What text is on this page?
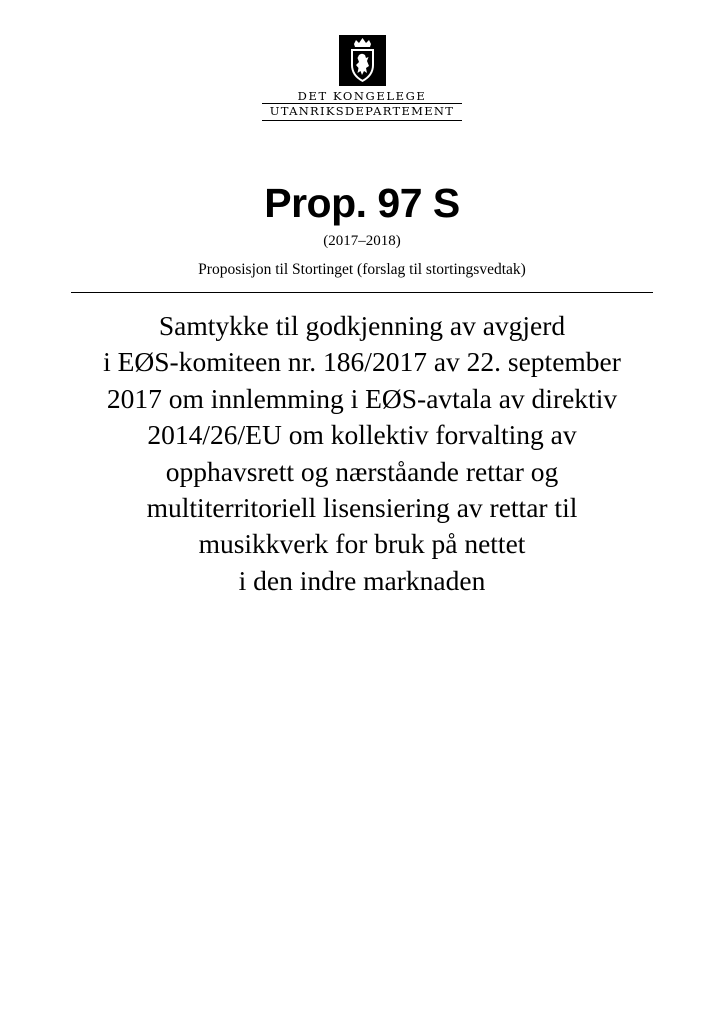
DET KONGELEGE
UTANRIKSDEPARTEMENT
Prop. 97 S
(2017–2018)
Proposisjon til Stortinget (forslag til stortingsvedtak)
Samtykke til godkjenning av avgjerd
i EØS-komiteen nr. 186/2017 av 22. september
2017 om innlemming i EØS-avtala av direktiv
2014/26/EU om kollektiv forvalting av
opphavsrett og nærståande rettar og
multiterritoriell lisensiering av rettar til
musikkverk for bruk på nettet
i den indre marknaden
